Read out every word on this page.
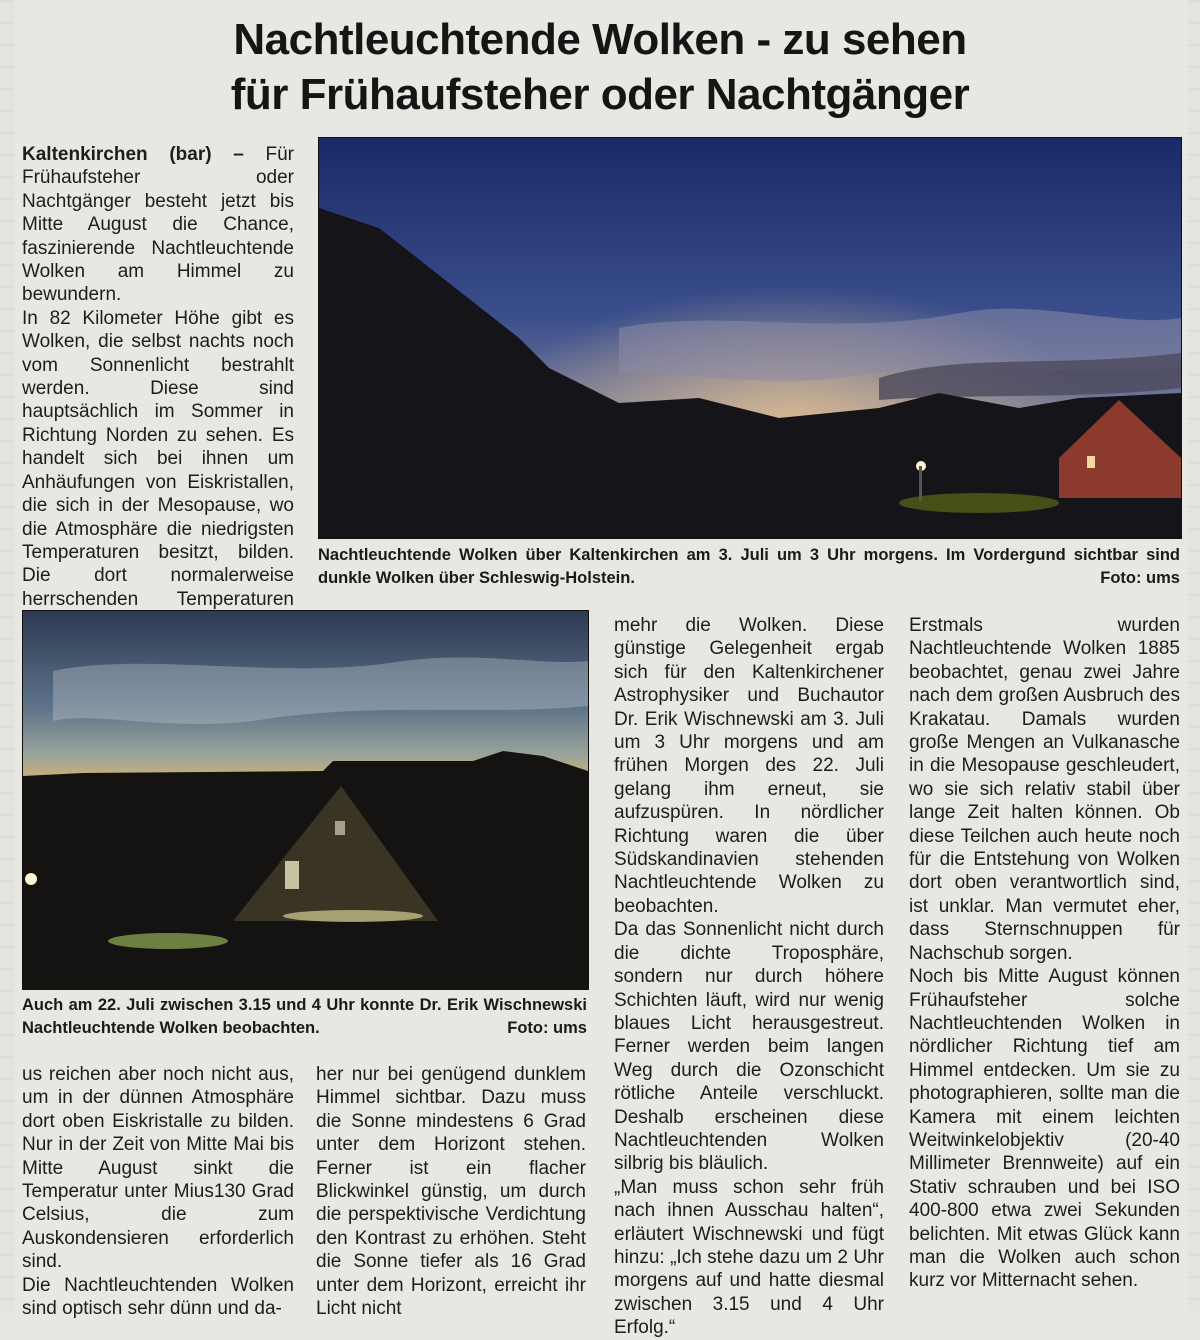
Nachtleuchtende Wolken - zu sehen
für Frühaufsteher oder Nachtgänger

Kaltenkirchen (bar) – Für Frühaufsteher oder Nachtgänger besteht jetzt bis Mitte August die Chance, faszinierende Nachtleuchtende Wolken am Himmel zu bewundern.

In 82 Kilometer Höhe gibt es Wolken, die selbst nachts noch vom Sonnenlicht bestrahlt werden. Diese sind hauptsächlich im Sommer in Richtung Norden zu sehen. Es handelt sich bei ihnen um Anhäufungen von Eiskristallen, die sich in der Mesopause, wo die Atmosphäre die niedrigsten Temperaturen besitzt, bilden. Die dort normalerweise herrschenden Temperaturen

Nachtleuchtende Wolken über Kaltenkirchen am 3. Juli um 3 Uhr morgens. Im Vordergund sichtbar sind dunkle Wolken über Schleswig-Holstein.	Foto: ums
Auch am 22. Juli zwischen 3.15 und 4 Uhr konnte Dr. Erik Wischnewski Nachtleuchtende Wolken beobachten.	Foto: ums

us reichen aber noch nicht aus, um in der dünnen Atmosphäre dort oben Eiskristalle zu bilden. Nur in der Zeit von Mitte Mai bis Mitte August sinkt die Temperatur unter Mius130 Grad Celsius, die zum Auskondensieren erforderlich sind.

Die Nachtleuchtenden Wolken sind optisch sehr dünn und da-

her nur bei genügend dunklem Himmel sichtbar. Dazu muss die Sonne mindestens 6 Grad unter dem Horizont stehen. Ferner ist ein flacher Blickwinkel günstig, um durch die perspektivische Verdichtung den Kontrast zu erhöhen. Steht die Sonne tiefer als 16 Grad unter dem Horizont, erreicht ihr Licht nicht

mehr die Wolken. Diese günstige Gelegenheit ergab sich für den Kaltenkirchener Astrophysiker und Buchautor Dr. Erik Wischnewski am 3. Juli um 3 Uhr morgens und am frühen Morgen des 22. Juli gelang ihm erneut, sie aufzuspüren. In nördlicher Richtung waren die über Südskandinavien stehenden Nachtleuchtende Wolken zu beobachten.

Da das Sonnenlicht nicht durch die dichte Troposphäre, sondern nur durch höhere Schichten läuft, wird nur wenig blaues Licht herausgestreut. Ferner werden beim langen Weg durch die Ozonschicht rötliche Anteile verschluckt. Deshalb erscheinen diese Nachtleuchtenden Wolken silbrig bis bläulich.

„Man muss schon sehr früh nach ihnen Ausschau halten“, erläutert Wischnewski und fügt hinzu: „Ich stehe dazu um 2 Uhr morgens auf und hatte diesmal zwischen 3.15 und 4 Uhr Erfolg.“

Erstmals wurden Nachtleuchtende Wolken 1885 beobachtet, genau zwei Jahre nach dem großen Ausbruch des Krakatau. Damals wurden große Mengen an Vulkanasche in die Mesopause geschleudert, wo sie sich relativ stabil über lange Zeit halten können. Ob diese Teilchen auch heute noch für die Entstehung von Wolken dort oben verantwortlich sind, ist unklar. Man vermutet eher, dass Sternschnuppen für Nachschub sorgen.

Noch bis Mitte August können Frühaufsteher solche Nachtleuchtenden Wolken in nördlicher Richtung tief am Himmel entdecken. Um sie zu photographieren, sollte man die Kamera mit einem leichten Weitwinkelobjektiv (20-40 Millimeter Brennweite) auf ein Stativ schrauben und bei ISO 400-800 etwa zwei Sekunden belichten. Mit etwas Glück kann man die Wolken auch schon kurz vor Mitternacht sehen.
